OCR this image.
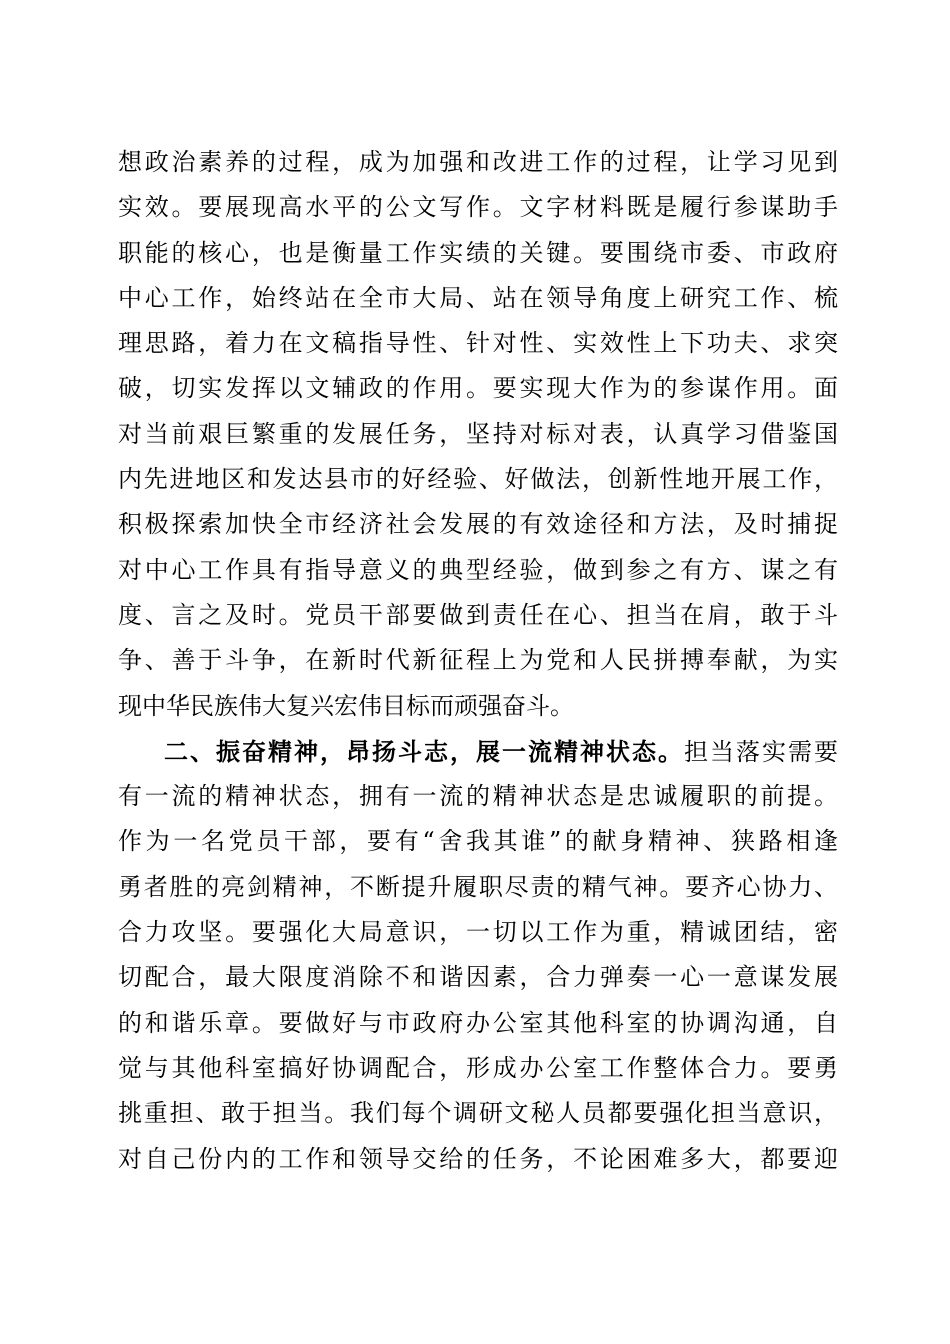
想政治素养的过程，成为加强和改进工作的过程，让学习见到
实效。要展现高水平的公文写作。文字材料既是履行参谋助手
职能的核心，也是衡量工作实绩的关键。要围绕市委、市政府
中心工作，始终站在全市大局、站在领导角度上研究工作、梳
理思路，着力在文稿指导性、针对性、实效性上下功夫、求突
破，切实发挥以文辅政的作用。要实现大作为的参谋作用。面
对当前艰巨繁重的发展任务，坚持对标对表，认真学习借鉴国
内先进地区和发达县市的好经验、好做法，创新性地开展工作，
积极探索加快全市经济社会发展的有效途径和方法，及时捕捉
对中心工作具有指导意义的典型经验，做到参之有方、谋之有
度、言之及时。党员干部要做到责任在心、担当在肩，敢于斗
争、善于斗争，在新时代新征程上为党和人民拼搏奉献，为实
现中华民族伟大复兴宏伟目标而顽强奋斗。
二、振奋精神，昂扬斗志，展一流精神状态。担当落实需要
有一流的精神状态，拥有一流的精神状态是忠诚履职的前提。
作为一名党员干部，要有“舍我其谁”的献身精神、狭路相逢
勇者胜的亮剑精神，不断提升履职尽责的精气神。要齐心协力、
合力攻坚。要强化大局意识，一切以工作为重，精诚团结，密
切配合，最大限度消除不和谐因素，合力弹奏一心一意谋发展
的和谐乐章。要做好与市政府办公室其他科室的协调沟通，自
觉与其他科室搞好协调配合，形成办公室工作整体合力。要勇
挑重担、敢于担当。我们每个调研文秘人员都要强化担当意识，
对自己份内的工作和领导交给的任务，不论困难多大，都要迎
